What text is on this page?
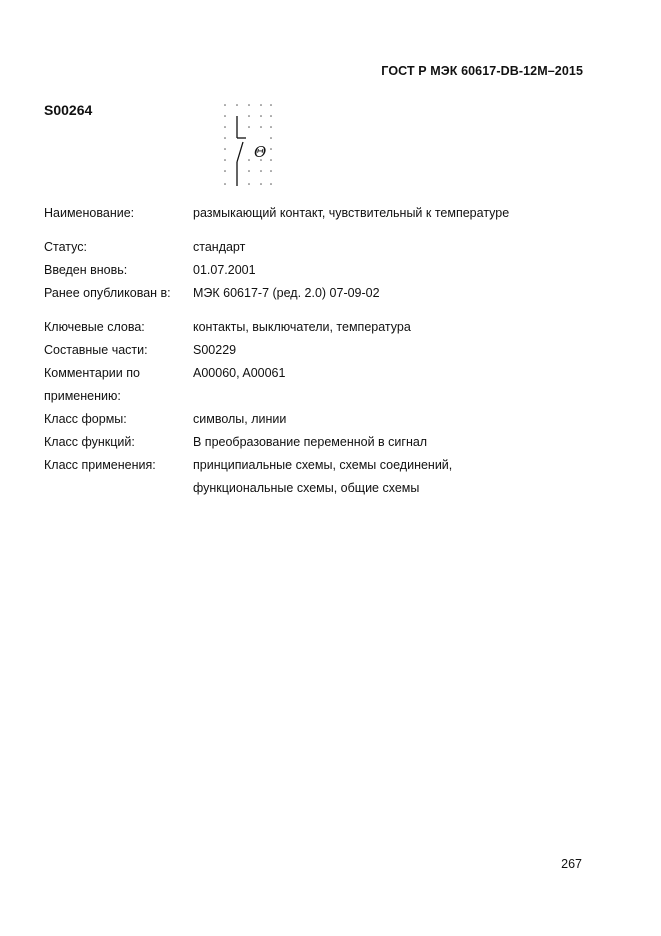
ГОСТ Р МЭК 60617-DB-12M–2015
S00264
Θ
Наименование:	размыкающий контакт, чувствительный к температуре
Статус:	стандарт
Введен вновь:	01.07.2001
Ранее опубликован в:	МЭК 60617-7 (ред. 2.0) 07-09-02
Ключевые слова:	контакты, выключатели, температура
Составные части:	S00229
Комментарии по	A00060, A00061
применению:
Класс формы:	символы, линии
Класс функций:	B преобразование переменной в сигнал
Класс применения:	принципиальные схемы, схемы соединений,
функциональные схемы, общие схемы
267
